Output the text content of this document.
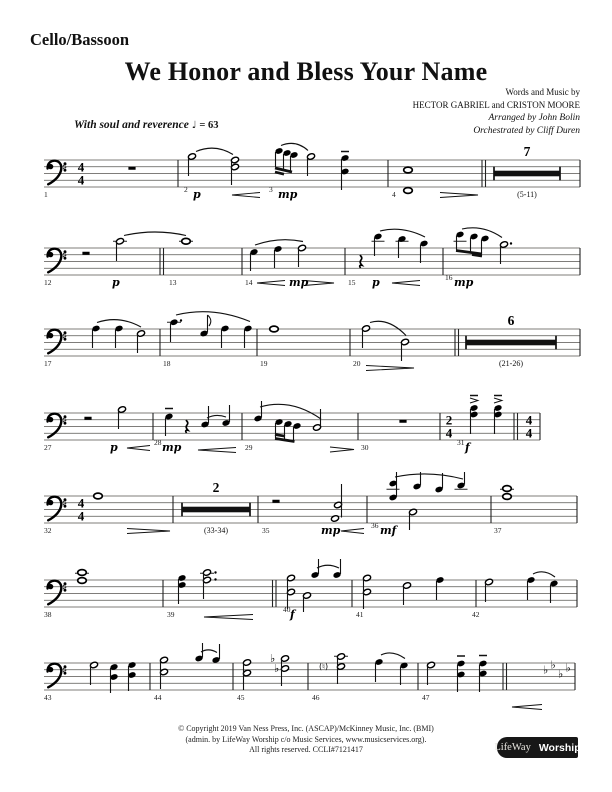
Cello/Bassoon
We Honor and Bless Your Name
Words and Music by
HECTOR GABRIEL and CRISTON MOORE
Arranged by John Bolin
Orchestrated by Cliff Duren
With soul and reverence ♩ = 63
♯ 4
4
1
2 p	3 mp	4
7
(5-11)
♯
12	p	13	14	mp	15 p	16 mp
♯
17	18	19	20
6
(21-26)
♯
27	p	28 mp	29	30
2
4
31 f
4
4
♯ 4
4
32
2
(33-34)	35	mp	36 mf	37
♯
38	39
40 f	41	42
♯
43	44	45
♭
♭
46
(♮)
47
♭ ♭
♭ ♭
© Copyright 2019 Van Ness Press, Inc. (ASCAP)/McKinney Music, Inc. (BMI)
(admin. by LifeWay Worship c/o Music Services, www.musicservices.org).
All rights reserved. CCLI#7121417	LifeWay Worship
